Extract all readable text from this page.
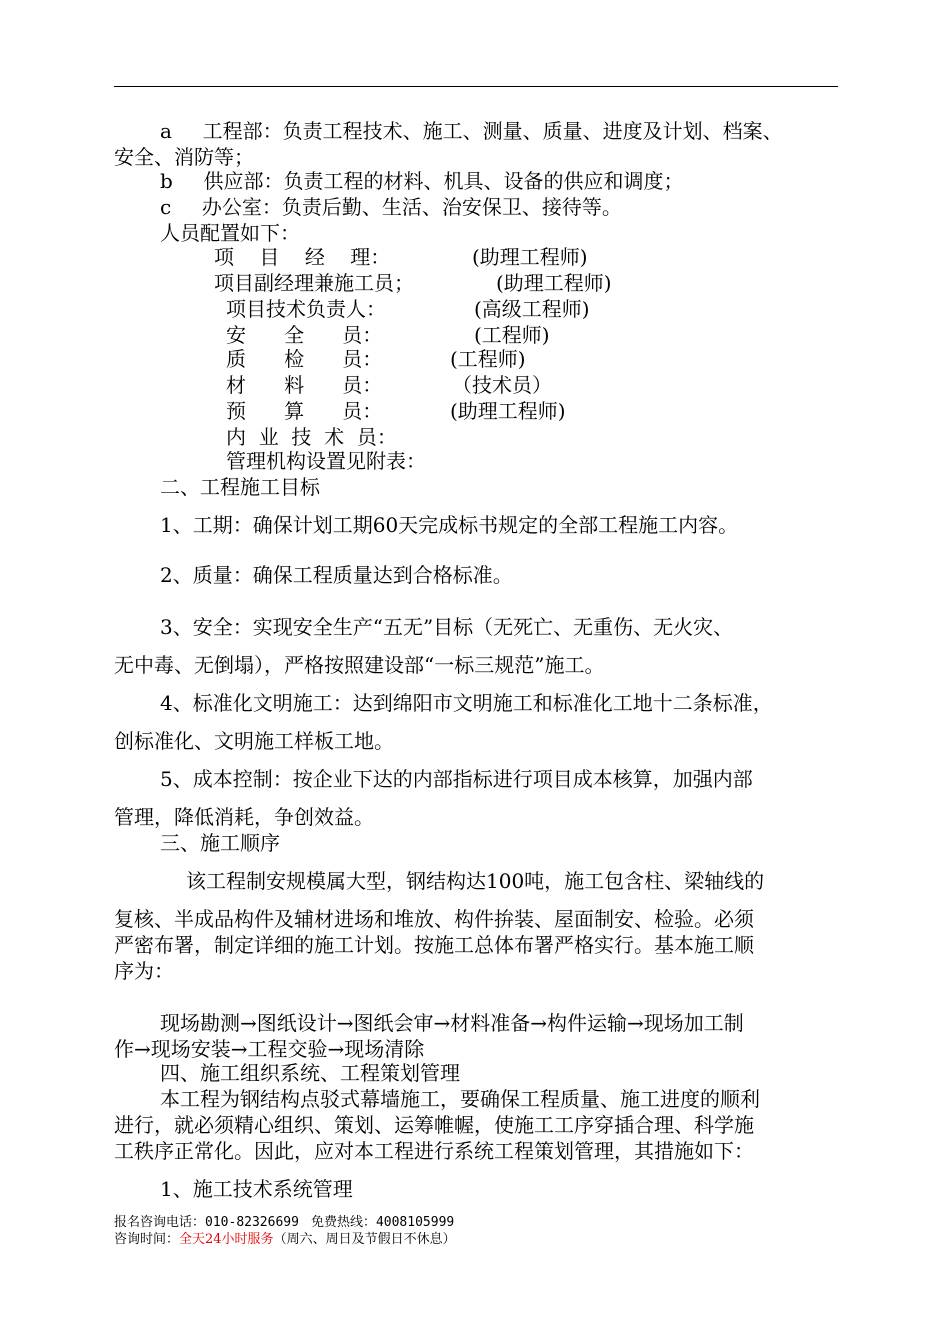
a 工程部：负责工程技术、施工、测量、质量、进度及计划、档案、
安全、消防等；
b 供应部：负责工程的材料、机具、设备的供应和调度；
c 办公室：负责后勤、生活、治安保卫、接待等。
人员配置如下：
项    目    经    理：	(助理工程师)
项目副经理兼施工员；	(助理工程师)
项目技术负责人：	(高级工程师)
安      全      员：	(工程师)
质      检      员：	(工程师)
材      料      员：	（技术员）
预      算      员：	(助理工程师)
内  业  技  术  员：
管理机构设置见附表：
二、工程施工目标
1、工期：确保计划工期60天完成标书规定的全部工程施工内容。
2、质量：确保工程质量达到合格标准。
3、安全：实现安全生产“五无”目标（无死亡、无重伤、无火灾、
无中毒、无倒塌），严格按照建设部“一标三规范”施工。
4、标准化文明施工：达到绵阳市文明施工和标准化工地十二条标准，
创标准化、文明施工样板工地。
5、成本控制：按企业下达的内部指标进行项目成本核算，加强内部
管理，降低消耗，争创效益。
三、施工顺序
该工程制安规模属大型，钢结构达100吨，施工包含柱、梁轴线的
复核、半成品构件及辅材进场和堆放、构件拚装、屋面制安、检验。必须
严密布署，制定详细的施工计划。按施工总体布署严格实行。基本施工顺
序为：
现场勘测→图纸设计→图纸会审→材料准备→构件运输→现场加工制
作→现场安装→工程交验→现场清除
四、施工组织系统、工程策划管理
本工程为钢结构点驳式幕墙施工，要确保工程质量、施工进度的顺利
进行，就必须精心组织、策划、运筹帷幄，使施工工序穿插合理、科学施
工秩序正常化。因此，应对本工程进行系统工程策划管理，其措施如下：
1、施工技术系统管理
报名咨询电话：010-82326699 免费热线：4008105999
咨询时间：全天24小时服务（周六、周日及节假日不休息）
